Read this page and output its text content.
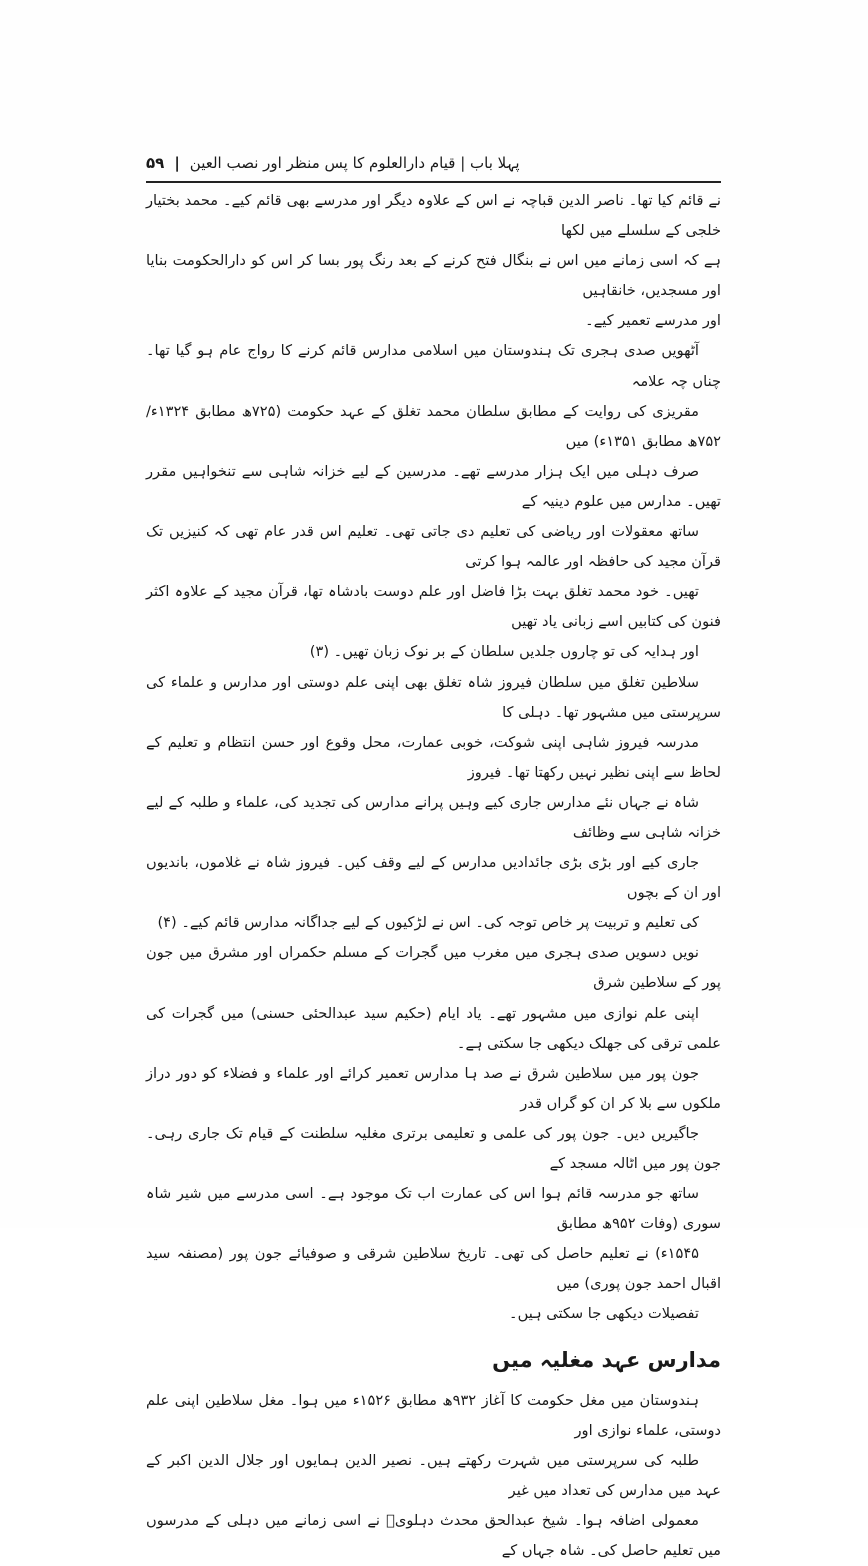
پہلا باب | قیام دارالعلوم کا پس منظر اور نصب العین
|
۵۹

نے قائم کیا تھا۔ ناصر الدین قباچہ نے اس کے علاوہ دیگر اور مدرسے بھی قائم کیے۔ محمد بختیار خلجی کے سلسلے میں لکھا
ہے کہ اسی زمانے میں اس نے بنگال فتح کرنے کے بعد رنگ پور بسا کر اس کو دارالحکومت بنایا اور مسجدیں، خانقاہیں
اور مدرسے تعمیر کیے۔

آٹھویں صدی ہجری تک ہندوستان میں اسلامی مدارس قائم کرنے کا رواج عام ہو گیا تھا۔ چناں چہ علامہ
مقریزی کی روایت کے مطابق سلطان محمد تغلق کے عہد حکومت (۷۲۵ھ مطابق ۱۳۲۴ء/۷۵۲ھ مطابق ۱۳۵۱ء) میں
صرف دہلی میں ایک ہزار مدرسے تھے۔ مدرسین کے لیے خزانہ شاہی سے تنخواہیں مقرر تھیں۔ مدارس میں علوم دینیہ کے
ساتھ معقولات اور ریاضی کی تعلیم دی جاتی تھی۔ تعلیم اس قدر عام تھی کہ کنیزیں تک قرآن مجید کی حافظہ اور عالمہ ہوا کرتی
تھیں۔ خود محمد تغلق بہت بڑا فاضل اور علم دوست بادشاہ تھا، قرآن مجید کے علاوہ اکثر فنون کی کتابیں اسے زبانی یاد تھیں
اور ہدایہ کی تو چاروں جلدیں سلطان کے بر نوک زبان تھیں۔ (۳)

سلاطین تغلق میں سلطان فیروز شاہ تغلق بھی اپنی علم دوستی اور مدارس و علماء کی سرپرستی میں مشہور تھا۔ دہلی کا
مدرسہ فیروز شاہی اپنی شوکت، خوبی عمارت، محل وقوع اور حسن انتظام و تعلیم کے لحاظ سے اپنی نظیر نہیں رکھتا تھا۔ فیروز
شاہ نے جہاں نئے مدارس جاری کیے وہیں پرانے مدارس کی تجدید کی، علماء و طلبہ کے لیے خزانہ شاہی سے وظائف
جاری کیے اور بڑی بڑی جائدادیں مدارس کے لیے وقف کیں۔ فیروز شاہ نے غلاموں، باندیوں اور ان کے بچوں
کی تعلیم و تربیت پر خاص توجہ کی۔ اس نے لڑکیوں کے لیے جداگانہ مدارس قائم کیے۔ (۴)

نویں دسویں صدی ہجری میں مغرب میں گجرات کے مسلم حکمراں اور مشرق میں جون پور کے سلاطین شرق
اپنی علم نوازی میں مشہور تھے۔ یاد ایام (حکیم سید عبدالحئی حسنی) میں گجرات کی علمی ترقی کی جھلک دیکھی جا سکتی ہے۔
جون پور میں سلاطین شرق نے صد ہا مدارس تعمیر کرائے اور علماء و فضلاء کو دور دراز ملکوں سے بلا کر ان کو گراں قدر
جاگیریں دیں۔ جون پور کی علمی و تعلیمی برتری مغلیہ سلطنت کے قیام تک جاری رہی۔ جون پور میں اٹالہ مسجد کے
ساتھ جو مدرسہ قائم ہوا اس کی عمارت اب تک موجود ہے۔ اسی مدرسے میں شیر شاہ سوری (وفات ۹۵۲ھ مطابق
۱۵۴۵ء) نے تعلیم حاصل کی تھی۔ تاریخ سلاطین شرقی و صوفیائے جون پور (مصنفہ سید اقبال احمد جون پوری) میں
تفصیلات دیکھی جا سکتی ہیں۔

مدارس عہد مغلیہ میں

ہندوستان میں مغل حکومت کا آغاز ۹۳۲ھ مطابق ۱۵۲۶ء میں ہوا۔ مغل سلاطین اپنی علم دوستی، علماء نوازی اور
طلبہ کی سرپرستی میں شہرت رکھتے ہیں۔ نصیر الدین ہمایوں اور جلال الدین اکبر کے عہد میں مدارس کی تعداد میں غیر
معمولی اضافہ ہوا۔ شیخ عبدالحق محدث دہلویؒ نے اسی زمانے میں دہلی کے مدرسوں میں تعلیم حاصل کی۔ شاہ جہاں کے
